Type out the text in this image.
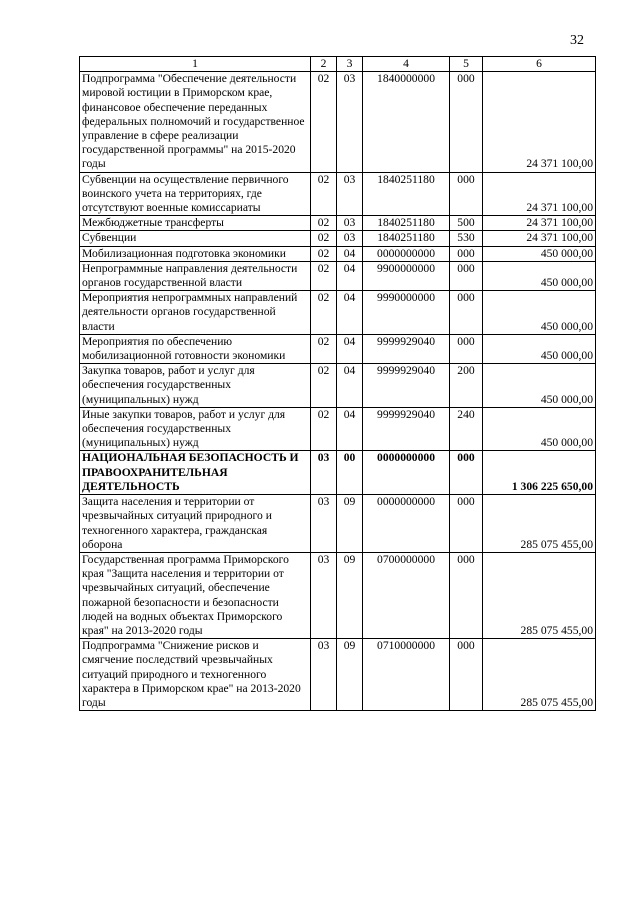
32
1	2	3	4	5	6
Подпрограмма "Обеспечение деятельности мировой юстиции в Приморском крае, финансовое обеспечение переданных федеральных полномочий и государственное управление в сфере реализации государственной программы" на 2015-2020 годы	02	03	1840000000	000	24 371 100,00
Субвенции на осуществление первичного воинского учета на территориях, где отсутствуют военные комиссариаты	02	03	1840251180	000	24 371 100,00
Межбюджетные трансферты	02	03	1840251180	500	24 371 100,00
Субвенции	02	03	1840251180	530	24 371 100,00
Мобилизационная подготовка экономики	02	04	0000000000	000	450 000,00
Непрограммные направления деятельности органов государственной власти	02	04	9900000000	000	450 000,00
Мероприятия непрограммных направлений деятельности органов государственной власти	02	04	9990000000	000	450 000,00
Мероприятия по обеспечению мобилизационной готовности экономики	02	04	9999929040	000	450 000,00
Закупка товаров, работ и услуг для обеспечения государственных (муниципальных) нужд	02	04	9999929040	200	450 000,00
Иные закупки товаров, работ и услуг для обеспечения государственных (муниципальных) нужд	02	04	9999929040	240	450 000,00
НАЦИОНАЛЬНАЯ БЕЗОПАСНОСТЬ И ПРАВООХРАНИТЕЛЬНАЯ ДЕЯТЕЛЬНОСТЬ	03	00	0000000000	000	1 306 225 650,00
Защита населения и территории от чрезвычайных ситуаций природного и техногенного характера, гражданская оборона	03	09	0000000000	000	285 075 455,00
Государственная программа Приморского края "Защита населения и территории от чрезвычайных ситуаций, обеспечение пожарной безопасности и безопасности людей на водных объектах Приморского края" на 2013-2020 годы	03	09	0700000000	000	285 075 455,00
Подпрограмма "Снижение рисков и смягчение последствий чрезвычайных ситуаций природного и техногенного характера в Приморском крае" на 2013-2020 годы	03	09	0710000000	000	285 075 455,00
